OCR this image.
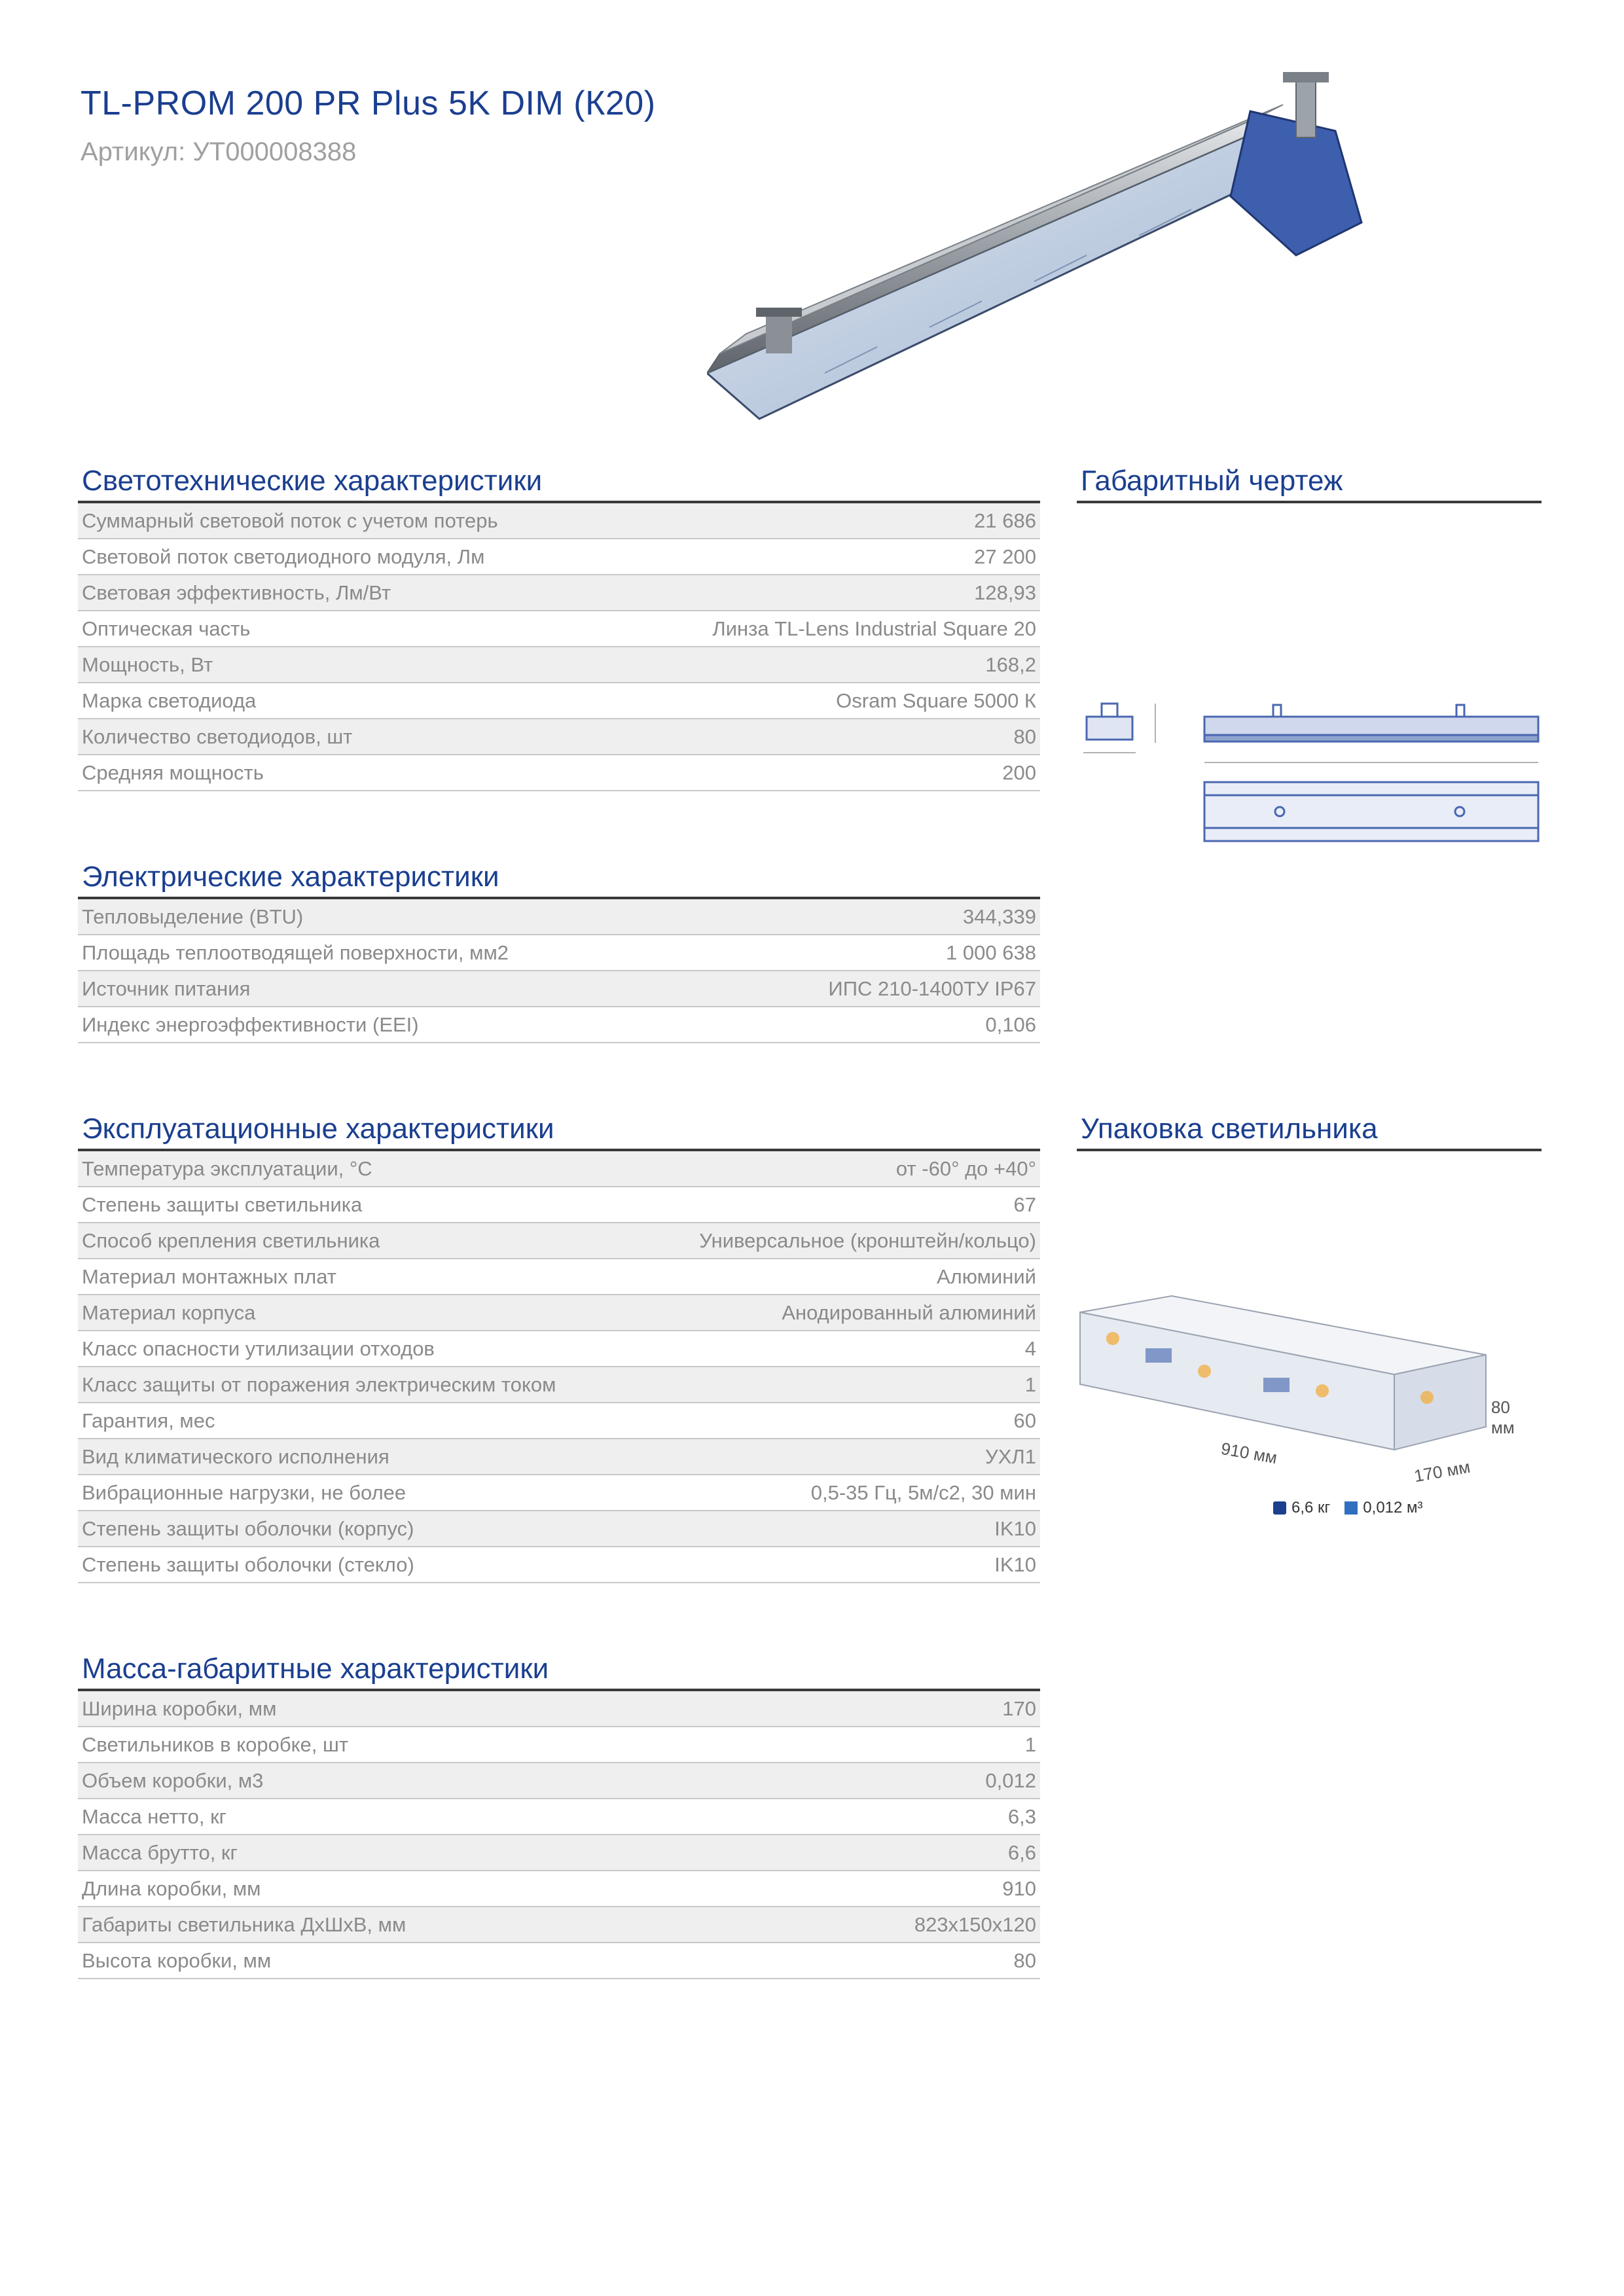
TL-PROM 200 PR Plus 5K DIM (К20)
Артикул: УТ000008388
Светотехнические характеристики
Суммарный световой поток с учетом потерь	21 686
Световой поток светодиодного модуля, Лм	27 200
Световая эффективность, Лм/Вт	128,93
Оптическая часть	Линза TL-Lens Industrial Square 20
Мощность, Вт	168,2
Марка светодиода	Osram Square 5000 К
Количество светодиодов, шт	80
Средняя мощность	200
Электрические характеристики
Тепловыделение (BTU)	344,339
Площадь теплоотводящей поверхности, мм2	1 000 638
Источник питания	ИПС 210-1400ТУ IP67
Индекс энергоэффективности (EEI)	0,106
Эксплуатационные характеристики
Температура эксплуатации, °С	от -60° до +40°
Степень защиты светильника	67
Способ крепления светильника	Универсальное (кронштейн/кольцо)
Материал монтажных плат	Алюминий
Материал корпуса	Анодированный алюминий
Класс опасности утилизации отходов	4
Класс защиты от поражения электрическим током	1
Гарантия, мес	60
Вид климатического исполнения	УХЛ1
Вибрационные нагрузки, не более	0,5-35 Гц, 5м/с2, 30 мин
Степень защиты оболочки (корпус)	IK10
Степень защиты оболочки (стекло)	IK10
Масса-габаритные характеристики
Ширина коробки, мм	170
Светильников в коробке, шт	1
Объем коробки, м3	0,012
Масса нетто, кг	6,3
Масса брутто, кг	6,6
Длина коробки, мм	910
Габариты светильника ДхШхВ, мм	823х150х120
Высота коробки, мм	80
Габаритный чертеж
Упаковка светильника
910 мм
170 мм
80 мм
6,6 кг 0,012 м³
